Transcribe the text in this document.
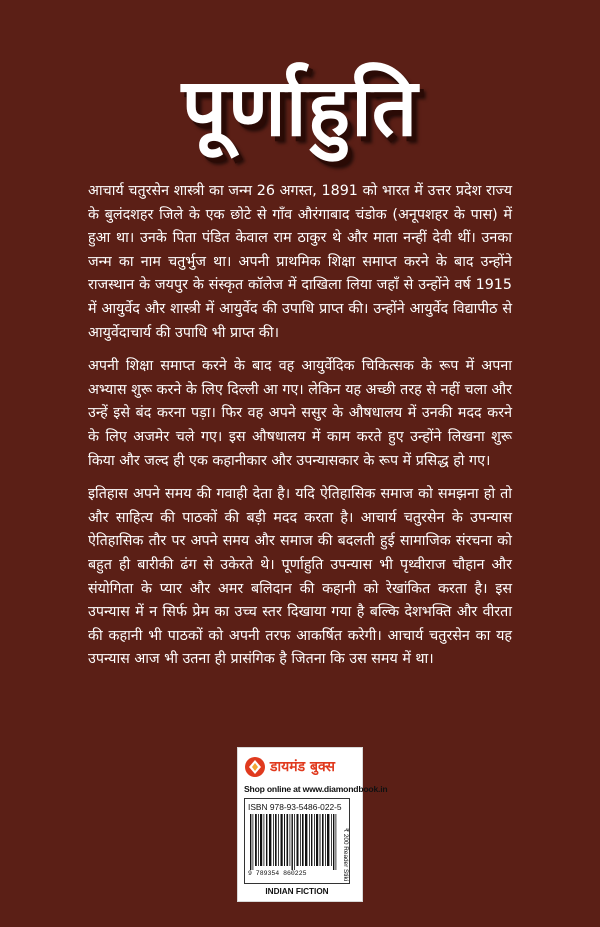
पूर्णाहुति

आचार्य चतुरसेन शास्त्री का जन्म 26 अगस्त, 1891 को भारत में उत्तर प्रदेश राज्य के बुलंदशहर जिले के एक छोटे से गाँव औरंगाबाद चंडोक (अनूपशहर के पास) में हुआ था। उनके पिता पंडित केवाल राम ठाकुर थे और माता नन्हीं देवी थीं। उनका जन्म का नाम चतुर्भुज था। अपनी प्राथमिक शिक्षा समाप्त करने के बाद उन्होंने राजस्थान के जयपुर के संस्कृत कॉलेज में दाखिला लिया जहाँ से उन्होंने वर्ष 1915 में आयुर्वेद और शास्त्री में आयुर्वेद की उपाधि प्राप्त की। उन्होंने आयुर्वेद विद्यापीठ से आयुर्वेदाचार्य की उपाधि भी प्राप्त की।

अपनी शिक्षा समाप्त करने के बाद वह आयुर्वेदिक चिकित्सक के रूप में अपना अभ्यास शुरू करने के लिए दिल्ली आ गए। लेकिन यह अच्छी तरह से नहीं चला और उन्हें इसे बंद करना पड़ा। फिर वह अपने ससुर के औषधालय में उनकी मदद करने के लिए अजमेर चले गए। इस औषधालय में काम करते हुए उन्होंने लिखना शुरू किया और जल्द ही एक कहानीकार और उपन्यासकार के रूप में प्रसिद्ध हो गए।

इतिहास अपने समय की गवाही देता है। यदि ऐतिहासिक समाज को समझना हो तो और साहित्य की पाठकों की बड़ी मदद करता है। आचार्य चतुरसेन के उपन्यास ऐतिहासिक तौर पर अपने समय और समाज की बदलती हुई सामाजिक संरचना को बहुत ही बारीकी ढंग से उकेरते थे। पूर्णाहुति उपन्यास भी पृथ्वीराज चौहान और संयोगिता के प्यार और अमर बलिदान की कहानी को रेखांकित करता है। इस उपन्यास में न सिर्फ प्रेम का उच्च स्तर दिखाया गया है बल्कि देशभक्ति और वीरता की कहानी भी पाठकों को अपनी तरफ आकर्षित करेगी। आचार्य चतुरसेन का यह उपन्यास आज भी उतना ही प्रासंगिक है जितना कि उस समय में था।

डायमंड बुक्स
Shop online at www.diamondbook.in
ISBN 978-93-5486-022-5
9 789354 860225	₹ 200 Reader Stiki
INDIAN FICTION
